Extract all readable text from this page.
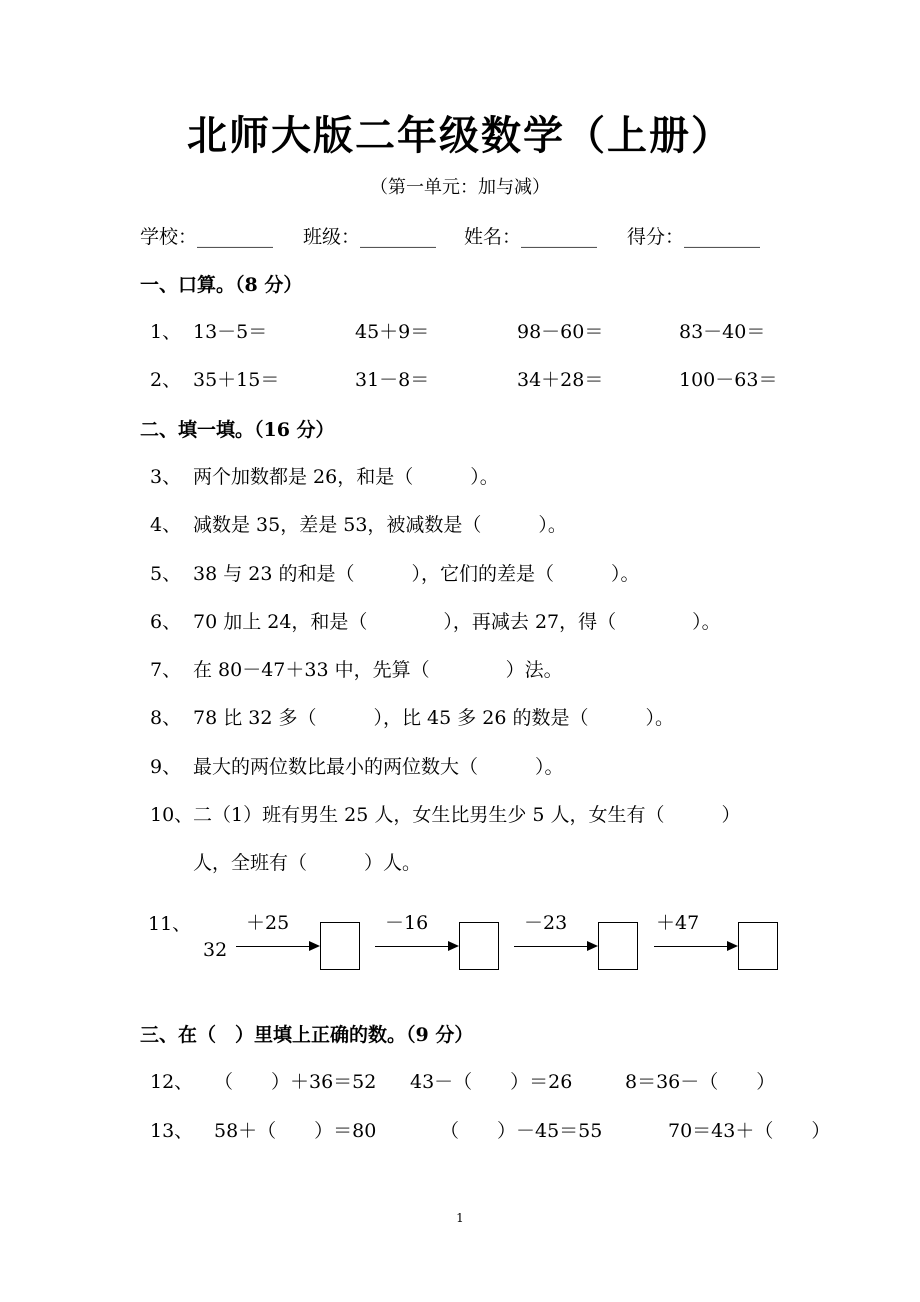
北师大版二年级数学（上册）
（第一单元：加与减）
学校：________ 班级：________ 姓名：________ 得分：________
一、口算。（8 分）
1、 13－5＝	45＋9＝	98－60＝	83－40＝
2、 35＋15＝	31－8＝	34＋28＝	100－63＝
二、填一填。（16 分）
3、 两个加数都是 26，和是（　　　）。
4、 减数是 35，差是 53，被减数是（　　　）。
5、 38 与 23 的和是（　　　），它们的差是（　　　）。
6、 70 加上 24，和是（　　　　），再减去 27，得（　　　　）。
7、 在 80－47＋33 中，先算（　　　　）法。
8、 78 比 32 多（　　　），比 45 多 26 的数是（　　　）。
9、 最大的两位数比最小的两位数大（　　　）。
10、 二（1）班有男生 25 人，女生比男生少 5 人，女生有（　　　）
人，全班有（　　　）人。
11、
32
＋25	－16	－23	＋47
三、在（　）里填上正确的数。（9 分）
12、 （　　）＋36＝52 43－（　　）＝26	8＝36－（　　）
13、 58＋（　　）＝80	（　　）－45＝55	70＝43＋（　　）
1
